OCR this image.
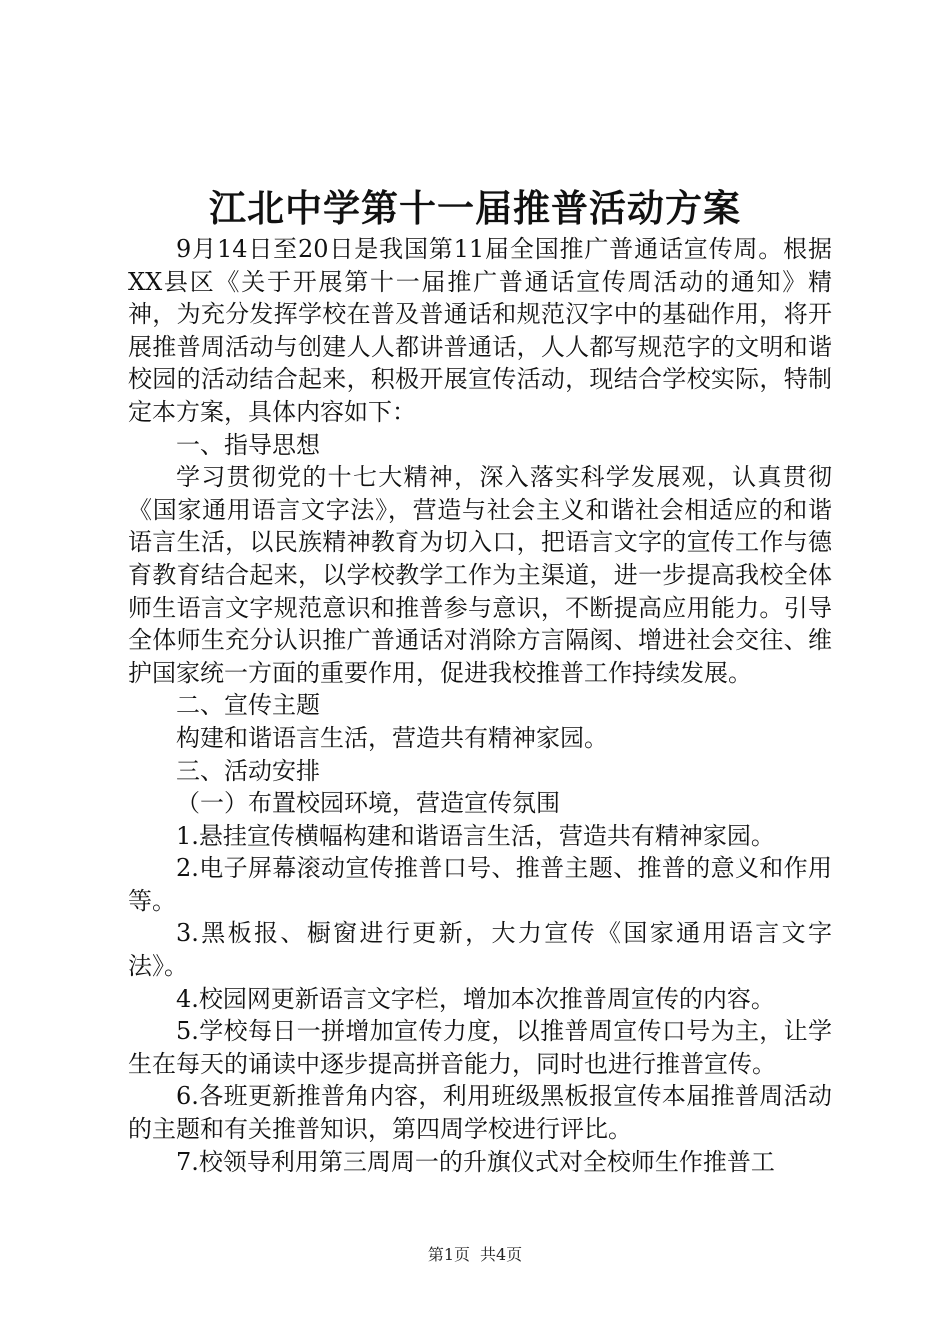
江北中学第十一届推普活动方案

9月14日至20日是我国第11届全国推广普通话宣传周。根据XX县区《关于开展第十一届推广普通话宣传周活动的通知》精神，为充分发挥学校在普及普通话和规范汉字中的基础作用，将开展推普周活动与创建人人都讲普通话，人人都写规范字的文明和谐校园的活动结合起来，积极开展宣传活动，现结合学校实际，特制定本方案，具体内容如下：

一、指导思想

学习贯彻党的十七大精神，深入落实科学发展观，认真贯彻《国家通用语言文字法》，营造与社会主义和谐社会相适应的和谐语言生活，以民族精神教育为切入口，把语言文字的宣传工作与德育教育结合起来，以学校教学工作为主渠道，进一步提高我校全体师生语言文字规范意识和推普参与意识，不断提高应用能力。引导全体师生充分认识推广普通话对消除方言隔阂、增进社会交往、维护国家统一方面的重要作用，促进我校推普工作持续发展。

二、宣传主题

构建和谐语言生活，营造共有精神家园。

三、活动安排

（一）布置校园环境，营造宣传氛围

1.悬挂宣传横幅构建和谐语言生活，营造共有精神家园。

2.电子屏幕滚动宣传推普口号、推普主题、推普的意义和作用等。

3.黑板报、橱窗进行更新，大力宣传《国家通用语言文字法》。

4.校园网更新语言文字栏，增加本次推普周宣传的内容。

5.学校每日一拼增加宣传力度，以推普周宣传口号为主，让学生在每天的诵读中逐步提高拼音能力，同时也进行推普宣传。

6.各班更新推普角内容，利用班级黑板报宣传本届推普周活动的主题和有关推普知识，第四周学校进行评比。

7.校领导利用第三周周一的升旗仪式对全校师生作推普工

第1页 共4页
